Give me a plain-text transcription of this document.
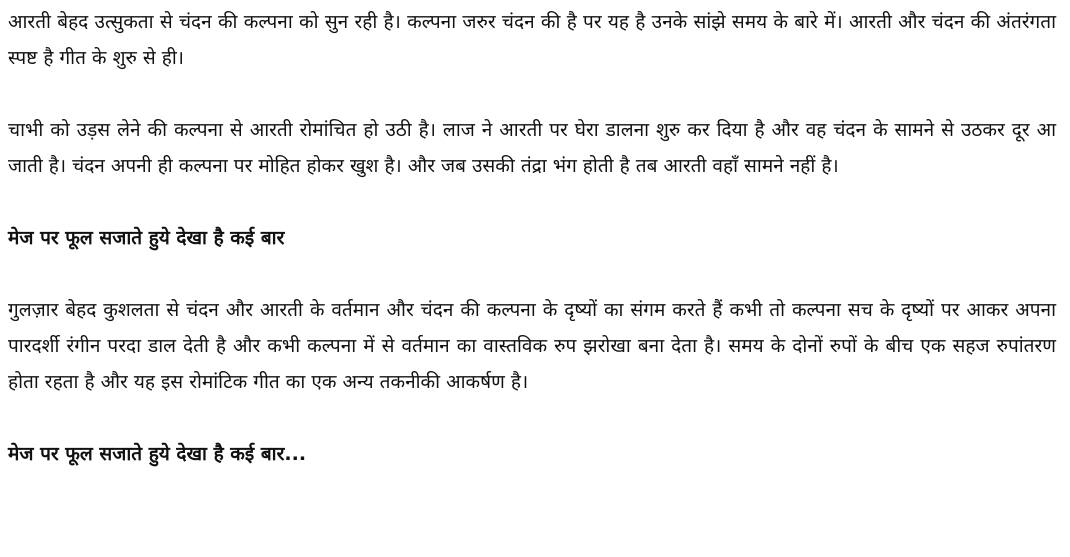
आरती बेहद उत्सुकता से चंदन की कल्पना को सुन रही है। कल्पना जरुर चंदन की है पर यह है उनके सांझे समय के बारे में। आरती और चंदन की अंतरंगता स्पष्ट है गीत के शुरु से ही।

चाभी को उड़स लेने की कल्पना से आरती रोमांचित हो उठी है। लाज ने आरती पर घेरा डालना शुरु कर दिया है और वह चंदन के सामने से उठकर दूर आ जाती है। चंदन अपनी ही कल्पना पर मोहित होकर खुश है। और जब उसकी तंद्रा भंग होती है तब आरती वहाँ सामने नहीं है।

मेज पर फूल सजाते हुये देखा है कई बार

गुलज़ार बेहद कुशलता से चंदन और आरती के वर्तमान और चंदन की कल्पना के दृष्यों का संगम करते हैं कभी तो कल्पना सच के दृष्यों पर आकर अपना पारदर्शी रंगीन परदा डाल देती है और कभी कल्पना में से वर्तमान का वास्तविक रुप झरोखा बना देता है। समय के दोनों रुपों के बीच एक सहज रुपांतरण होता रहता है और यह इस रोमांटिक गीत का एक अन्य तकनीकी आकर्षण है।

मेज पर फूल सजाते हुये देखा है कई बार...
